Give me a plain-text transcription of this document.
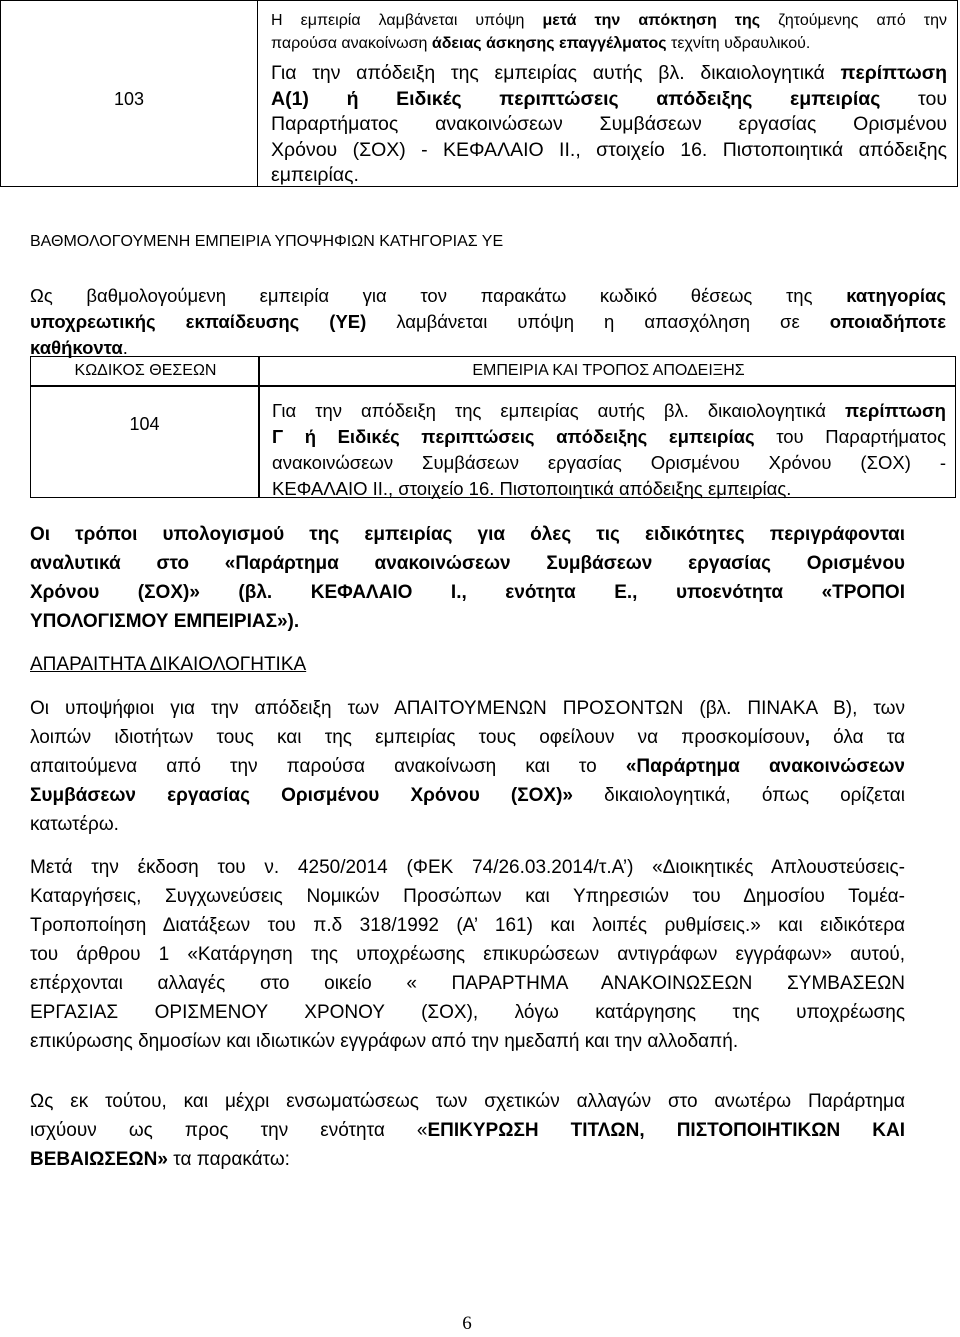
103
Η εμπειρία λαμβάνεται υπόψη μετά την απόκτηση της ζητούμενης από την
παρούσα ανακοίνωση άδειας άσκησης επαγγέλματος τεχνίτη υδραυλικού.
Για την απόδειξη της εμπειρίας αυτής βλ. δικαιολογητικά περίπτωση
Α(1) ή Ειδικές περιπτώσεις απόδειξης εμπειρίας του
Παραρτήματος ανακοινώσεων Συμβάσεων εργασίας Ορισμένου
Χρόνου (ΣΟΧ) - ΚΕΦΑΛΑΙΟ ΙΙ., στοιχείο 16. Πιστοποιητικά απόδειξης
εμπειρίας.
ΒΑΘΜΟΛΟΓΟΥΜΕΝΗ ΕΜΠΕΙΡΙΑ ΥΠΟΨΗΦΙΩΝ ΚΑΤΗΓΟΡΙΑΣ ΥΕ
Ως βαθμολογούμενη εμπειρία για τον παρακάτω κωδικό θέσεως της κατηγορίας
υποχρεωτικής εκπαίδευσης (ΥΕ) λαμβάνεται υπόψη η απασχόληση σε οποιαδήποτε
καθήκοντα.
ΚΩΔΙΚΟΣ ΘΕΣΕΩΝ	ΕΜΠΕΙΡΙΑ ΚΑΙ ΤΡΟΠΟΣ ΑΠΟΔΕΙΞΗΣ
104
Για την απόδειξη της εμπειρίας αυτής βλ. δικαιολογητικά περίπτωση
Γ ή Ειδικές περιπτώσεις απόδειξης εμπειρίας του Παραρτήματος
ανακοινώσεων Συμβάσεων εργασίας Ορισμένου Χρόνου (ΣΟΧ) -
ΚΕΦΑΛΑΙΟ ΙΙ., στοιχείο 16. Πιστοποιητικά απόδειξης εμπειρίας.
Οι τρόποι υπολογισμού της εμπειρίας για όλες τις ειδικότητες περιγράφονται
αναλυτικά στο «Παράρτημα ανακοινώσεων Συμβάσεων εργασίας Ορισμένου
Χρόνου (ΣΟΧ)» (βλ. ΚΕΦΑΛΑΙΟ Ι., ενότητα Ε., υποενότητα «ΤΡΟΠΟΙ
ΥΠΟΛΟΓΙΣΜΟΥ ΕΜΠΕΙΡΙΑΣ»).
ΑΠΑΡΑΙΤΗΤΑ ΔΙΚΑΙΟΛΟΓΗΤΙΚΑ
Οι υποψήφιοι για την απόδειξη των ΑΠΑΙΤΟΥΜΕΝΩΝ ΠΡΟΣΟΝΤΩΝ (βλ. ΠΙΝΑΚΑ Β), των
λοιπών ιδιοτήτων τους και της εμπειρίας τους οφείλουν να προσκομίσουν, όλα τα
απαιτούμενα από την παρούσα ανακοίνωση και το «Παράρτημα ανακοινώσεων
Συμβάσεων εργασίας Ορισμένου Χρόνου (ΣΟΧ)» δικαιολογητικά, όπως ορίζεται
κατωτέρω.
Μετά την έκδοση του ν. 4250/2014 (ΦΕΚ 74/26.03.2014/τ.Α’) «Διοικητικές Απλουστεύσεις-
Καταργήσεις, Συγχωνεύσεις Νομικών Προσώπων και Υπηρεσιών του Δημοσίου Τομέα-
Τροποποίηση Διατάξεων του π.δ 318/1992 (Α’ 161) και λοιπές ρυθμίσεις.» και ειδικότερα
του άρθρου 1 «Κατάργηση της υποχρέωσης επικυρώσεων αντιγράφων εγγράφων» αυτού,
επέρχονται αλλαγές στο οικείο « ΠΑΡΑΡΤΗΜΑ ΑΝΑΚΟΙΝΩΣΕΩΝ ΣΥΜΒΑΣΕΩΝ
ΕΡΓΑΣΙΑΣ ΟΡΙΣΜΕΝΟΥ ΧΡΟΝΟΥ (ΣΟΧ), λόγω κατάργησης της υποχρέωσης
επικύρωσης δημοσίων και ιδιωτικών εγγράφων από την ημεδαπή και την αλλοδαπή.
Ως εκ τούτου, και μέχρι ενσωματώσεως των σχετικών αλλαγών στο ανωτέρω Παράρτημα
ισχύουν ως προς την ενότητα «ΕΠΙΚΥΡΩΣΗ ΤΙΤΛΩΝ, ΠΙΣΤΟΠΟΙΗΤΙΚΩΝ ΚΑΙ
ΒΕΒΑΙΩΣΕΩΝ» τα παρακάτω:
6
